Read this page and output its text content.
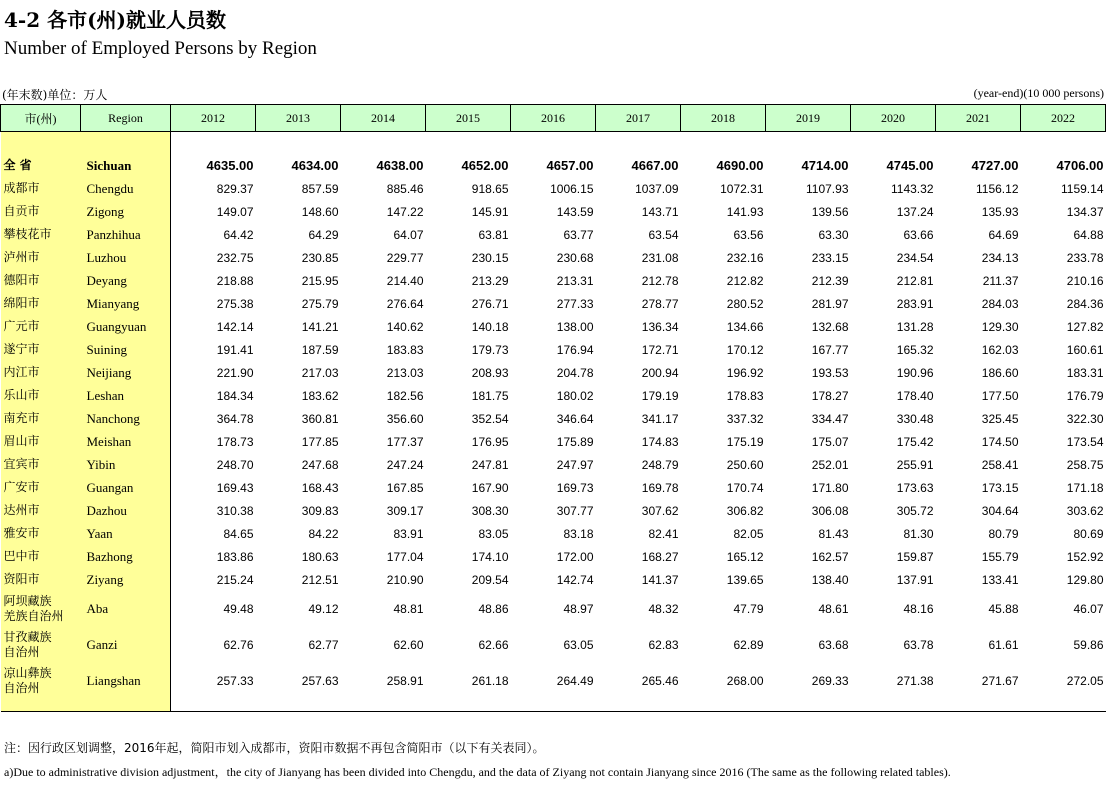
4-2 各市(州)就业人员数
Number of Employed Persons by Region
(年末数)单位：万人	(year-end)(10 000 persons)
市(州)	Region	2012	2013	2014	2015	2016	2017	2018	2019	2020	2021	2022

全 省	Sichuan	4635.00	4634.00	4638.00	4652.00	4657.00	4667.00	4690.00	4714.00	4745.00	4727.00	4706.00
成都市	Chengdu	829.37	857.59	885.46	918.65	1006.15	1037.09	1072.31	1107.93	1143.32	1156.12	1159.14
自贡市	Zigong	149.07	148.60	147.22	145.91	143.59	143.71	141.93	139.56	137.24	135.93	134.37
攀枝花市	Panzhihua	64.42	64.29	64.07	63.81	63.77	63.54	63.56	63.30	63.66	64.69	64.88
泸州市	Luzhou	232.75	230.85	229.77	230.15	230.68	231.08	232.16	233.15	234.54	234.13	233.78
德阳市	Deyang	218.88	215.95	214.40	213.29	213.31	212.78	212.82	212.39	212.81	211.37	210.16
绵阳市	Mianyang	275.38	275.79	276.64	276.71	277.33	278.77	280.52	281.97	283.91	284.03	284.36
广元市	Guangyuan	142.14	141.21	140.62	140.18	138.00	136.34	134.66	132.68	131.28	129.30	127.82
遂宁市	Suining	191.41	187.59	183.83	179.73	176.94	172.71	170.12	167.77	165.32	162.03	160.61
内江市	Neijiang	221.90	217.03	213.03	208.93	204.78	200.94	196.92	193.53	190.96	186.60	183.31
乐山市	Leshan	184.34	183.62	182.56	181.75	180.02	179.19	178.83	178.27	178.40	177.50	176.79
南充市	Nanchong	364.78	360.81	356.60	352.54	346.64	341.17	337.32	334.47	330.48	325.45	322.30
眉山市	Meishan	178.73	177.85	177.37	176.95	175.89	174.83	175.19	175.07	175.42	174.50	173.54
宜宾市	Yibin	248.70	247.68	247.24	247.81	247.97	248.79	250.60	252.01	255.91	258.41	258.75
广安市	Guangan	169.43	168.43	167.85	167.90	169.73	169.78	170.74	171.80	173.63	173.15	171.18
达州市	Dazhou	310.38	309.83	309.17	308.30	307.77	307.62	306.82	306.08	305.72	304.64	303.62
雅安市	Yaan	84.65	84.22	83.91	83.05	83.18	82.41	82.05	81.43	81.30	80.79	80.69
巴中市	Bazhong	183.86	180.63	177.04	174.10	172.00	168.27	165.12	162.57	159.87	155.79	152.92
资阳市	Ziyang	215.24	212.51	210.90	209.54	142.74	141.37	139.65	138.40	137.91	133.41	129.80
阿坝藏族
羌族自治州	Aba	49.48	49.12	48.81	48.86	48.97	48.32	47.79	48.61	48.16	45.88	46.07
甘孜藏族
自治州	Ganzi	62.76	62.77	62.60	62.66	63.05	62.83	62.89	63.68	63.78	61.61	59.86
凉山彝族
自治州	Liangshan	257.33	257.63	258.91	261.18	264.49	265.46	268.00	269.33	271.38	271.67	272.05

注：因行政区划调整，2016年起，简阳市划入成都市，资阳市数据不再包含简阳市（以下有关表同）。
a)Due to administrative division adjustment，the city of Jianyang has been divided into Chengdu, and the data of Ziyang not contain Jianyang since 2016 (The same as the following related tables).
